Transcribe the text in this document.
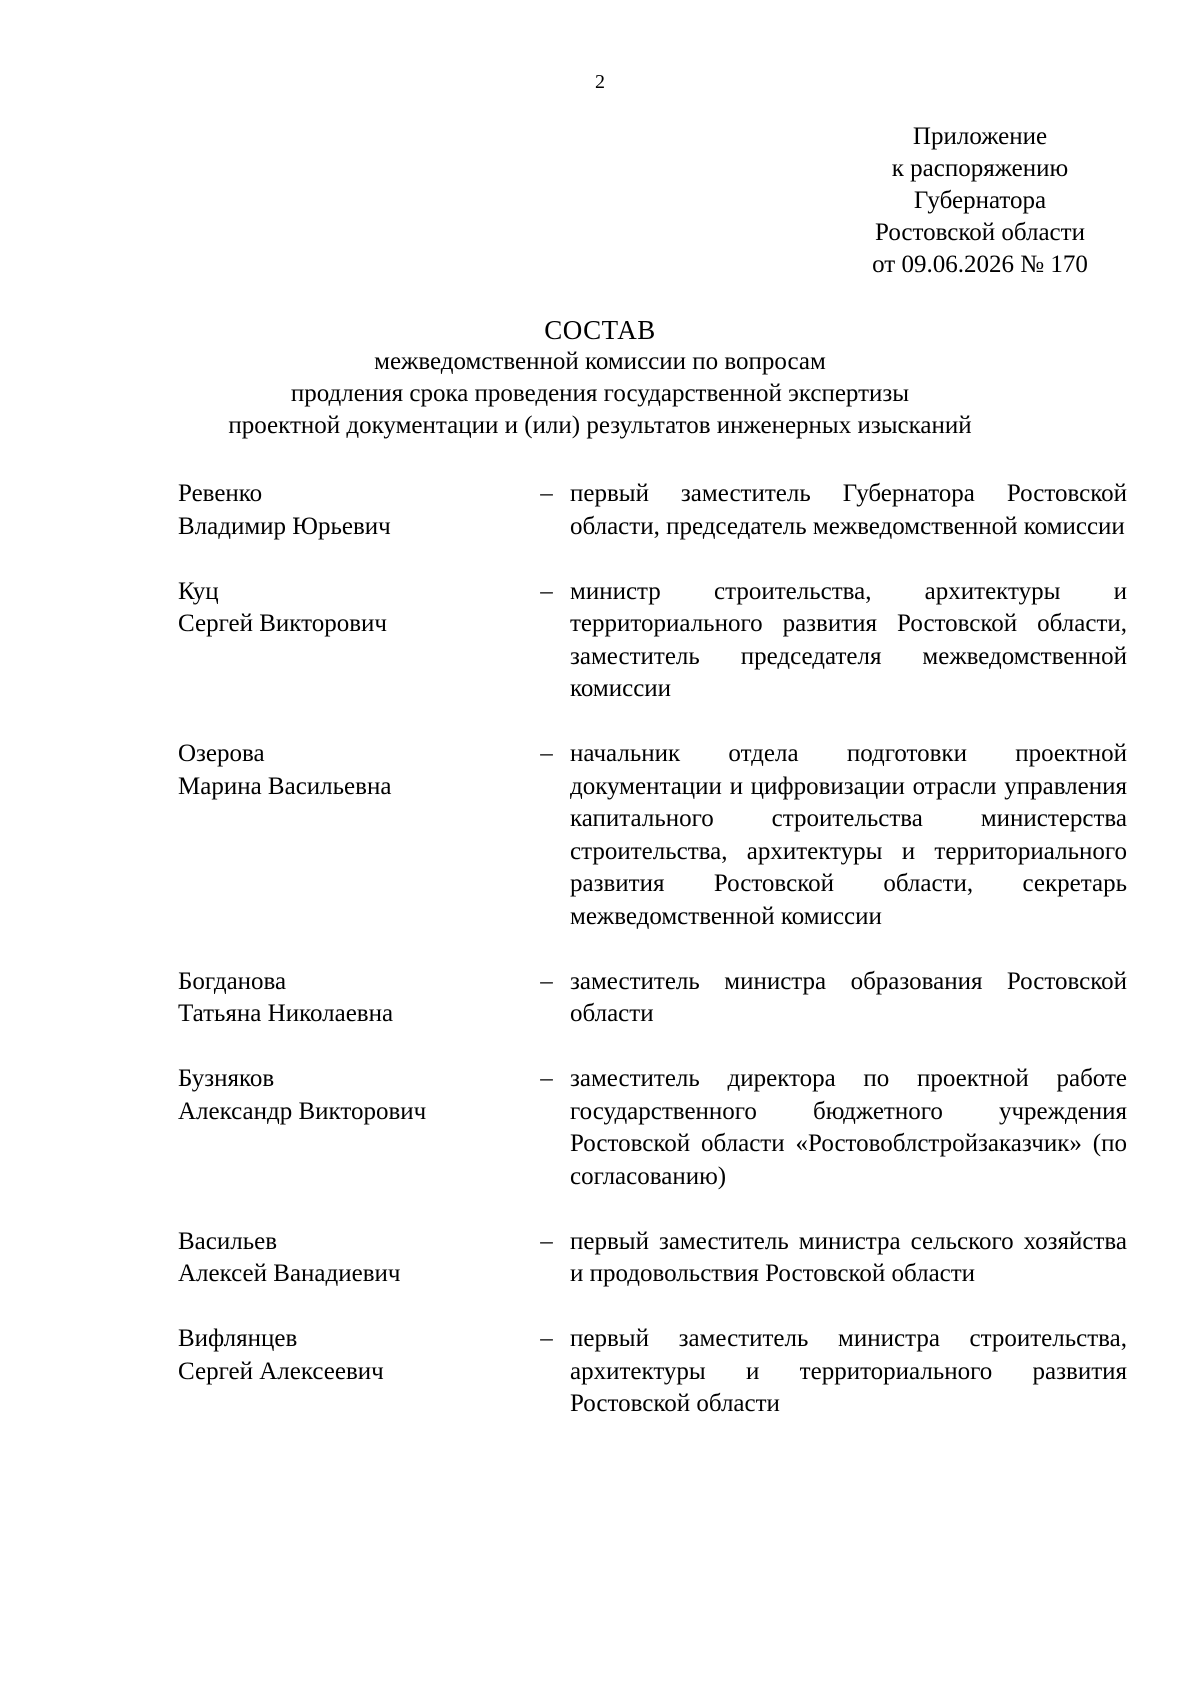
2
Приложение
к распоряжению
Губернатора
Ростовской области
от 09.06.2026 № 170
СОСТАВ
межведомственной комиссии по вопросам
продления срока проведения государственной экспертизы
проектной документации и (или) результатов инженерных изысканий
Ревенко
Владимир Юрьевич
– первый заместитель Губернатора Ростовской области, председатель межведомственной комиссии
Куц
Сергей Викторович
– министр строительства, архитектуры и территориального развития Ростовской области, заместитель председателя межведомственной комиссии
Озерова
Марина Васильевна
– начальник отдела подготовки проектной документации и цифровизации отрасли управления капитального строительства министерства строительства, архитектуры и территориального развития Ростовской области, секретарь межведомственной комиссии
Богданова
Татьяна Николаевна
– заместитель министра образования Ростовской области
Бузняков
Александр Викторович
– заместитель директора по проектной работе государственного бюджетного учреждения Ростовской области «Ростовоблстройзаказчик» (по согласованию)
Васильев
Алексей Ванадиевич
– первый заместитель министра сельского хозяйства и продовольствия Ростовской области
Вифлянцев
Сергей Алексеевич
– первый заместитель министра строительства, архитектуры и территориального развития Ростовской области
